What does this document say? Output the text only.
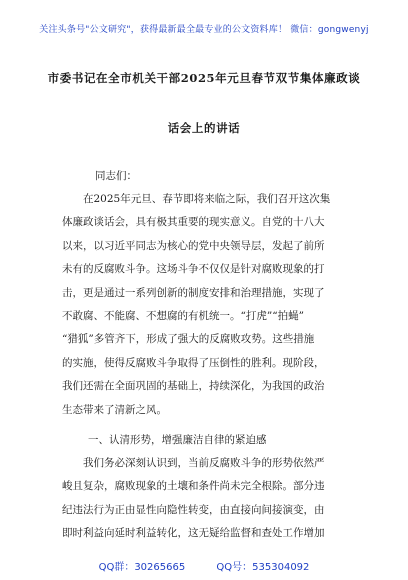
关注头条号"公文研究"，获得最新最全最专业的公文资料库！ 微信：gongwenyj
市委书记在全市机关干部2025年元旦春节双节集体廉政谈
话会上的讲话
同志们：
在2025年元旦、春节即将来临之际，我们召开这次集
体廉政谈话会，具有极其重要的现实意义。自党的十八大
以来，以习近平同志为核心的党中央领导层，发起了前所
未有的反腐败斗争。这场斗争不仅仅是针对腐败现象的打
击，更是通过一系列创新的制度安排和治理措施，实现了
不敢腐、不能腐、不想腐的有机统一。“打虎”“拍蝇”
“猎狐”多管齐下，形成了强大的反腐败攻势。这些措施
的实施，使得反腐败斗争取得了压倒性的胜利。现阶段，
我们还需在全面巩固的基础上，持续深化，为我国的政治
生态带来了清新之风。
一、认清形势，增强廉洁自律的紧迫感
我们务必深刻认识到，当前反腐败斗争的形势依然严
峻且复杂，腐败现象的土壤和条件尚未完全根除。部分违
纪违法行为正由显性向隐性转变，由直接向间接演变，由
即时利益向延时利益转化，这无疑给监督和查处工作增加
QQ群：30265665	QQ号：535304092
